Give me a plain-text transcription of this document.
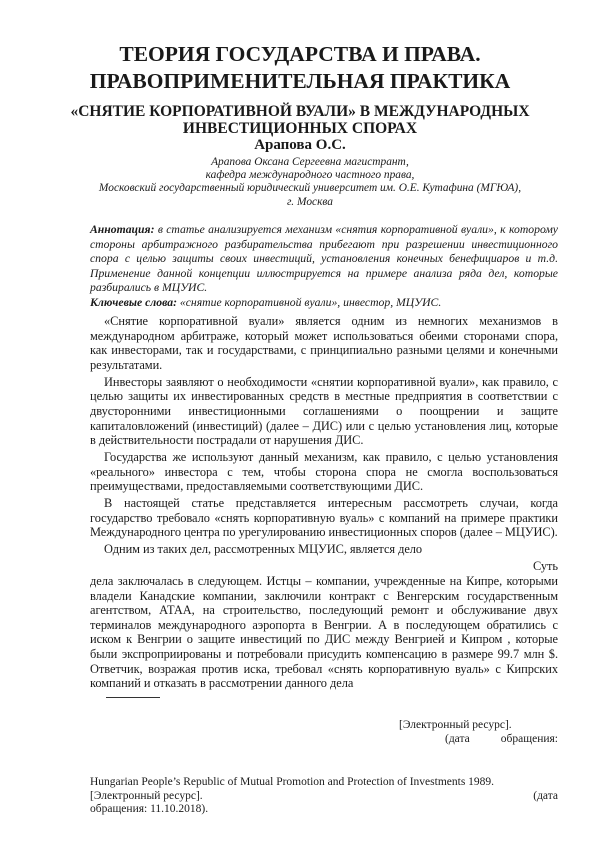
ТЕОРИЯ ГОСУДАРСТВА И ПРАВА.
ПРАВОПРИМЕНИТЕЛЬНАЯ ПРАКТИКА
«СНЯТИЕ КОРПОРАТИВНОЙ ВУАЛИ» В МЕЖДУНАРОДНЫХ
ИНВЕСТИЦИОННЫХ СПОРАХ
Арапова О.С.
Арапова Оксана Сергеевна магистрант,
кафедра международного частного права,
Московский государственный юридический университет им. О.Е. Кутафина (МГЮА),
г. Москва

Аннотация: в статье анализируется механизм «снятия корпоративной вуали», к которому стороны арбитражного разбирательства прибегают при разрешении инвестиционного спора с целью защиты своих инвестиций, установления конечных бенефициаров и т.д. Применение данной концепции иллюстрируется на примере анализа ряда дел, которые разбирались в МЦУИС.

Ключевые слова: «снятие корпоративной вуали», инвестор, МЦУИС.

«Снятие корпоративной вуали» является одним из немногих механизмов в международном арбитраже, который может использоваться обеими сторонами спора, как инвесторами, так и государствами, с принципиально разными целями и конечными результатами.

Инвесторы заявляют о необходимости «снятии корпоративной вуали», как правило, с целью защиты их инвестированных средств в местные предприятия в соответствии с двусторонними инвестиционными соглашениями о поощрении и защите капиталовложений (инвестиций) (далее – ДИС) или с целью установления лиц, которые в действительности пострадали от нарушения ДИС.

Государства же используют данный механизм, как правило, с целью установления «реального» инвестора с тем, чтобы сторона спора не смогла воспользоваться преимуществами, предоставляемыми соответствующими ДИС.

В настоящей статье представляется интересным рассмотреть случаи, когда государство требовало «снять корпоративную вуаль» с компаний на примере практики Международного центра по урегулированию инвестиционных споров (далее – МЦУИС).

Одним из таких дел, рассмотренных МЦУИС, является дело

Суть

дела заключалась в следующем. Истцы – компании, учрежденные на Кипре, которыми владели Канадские компании, заключили контракт с Венгерским государственным агентством, АТАА, на строительство, последующий ремонт и обслуживание двух терминалов международного аэропорта в Венгрии. А в последующем обратились с иском к Венгрии о защите инвестиций по ДИС между Венгрией и Кипром , которые были экспроприированы и потребовали присудить компенсацию в размере 99.7 млн $. Ответчик, возражая против иска, требовал «снять корпоративную вуаль» с Кипрских компаний и отказать в рассмотрении данного дела

[Электронный ресурс].
(дата	обращения:
Hungarian People’s Republic of Mutual Promotion and Protection of Investments 1989.
[Электронный ресурс].	(дата
обращения: 11.10.2018).
